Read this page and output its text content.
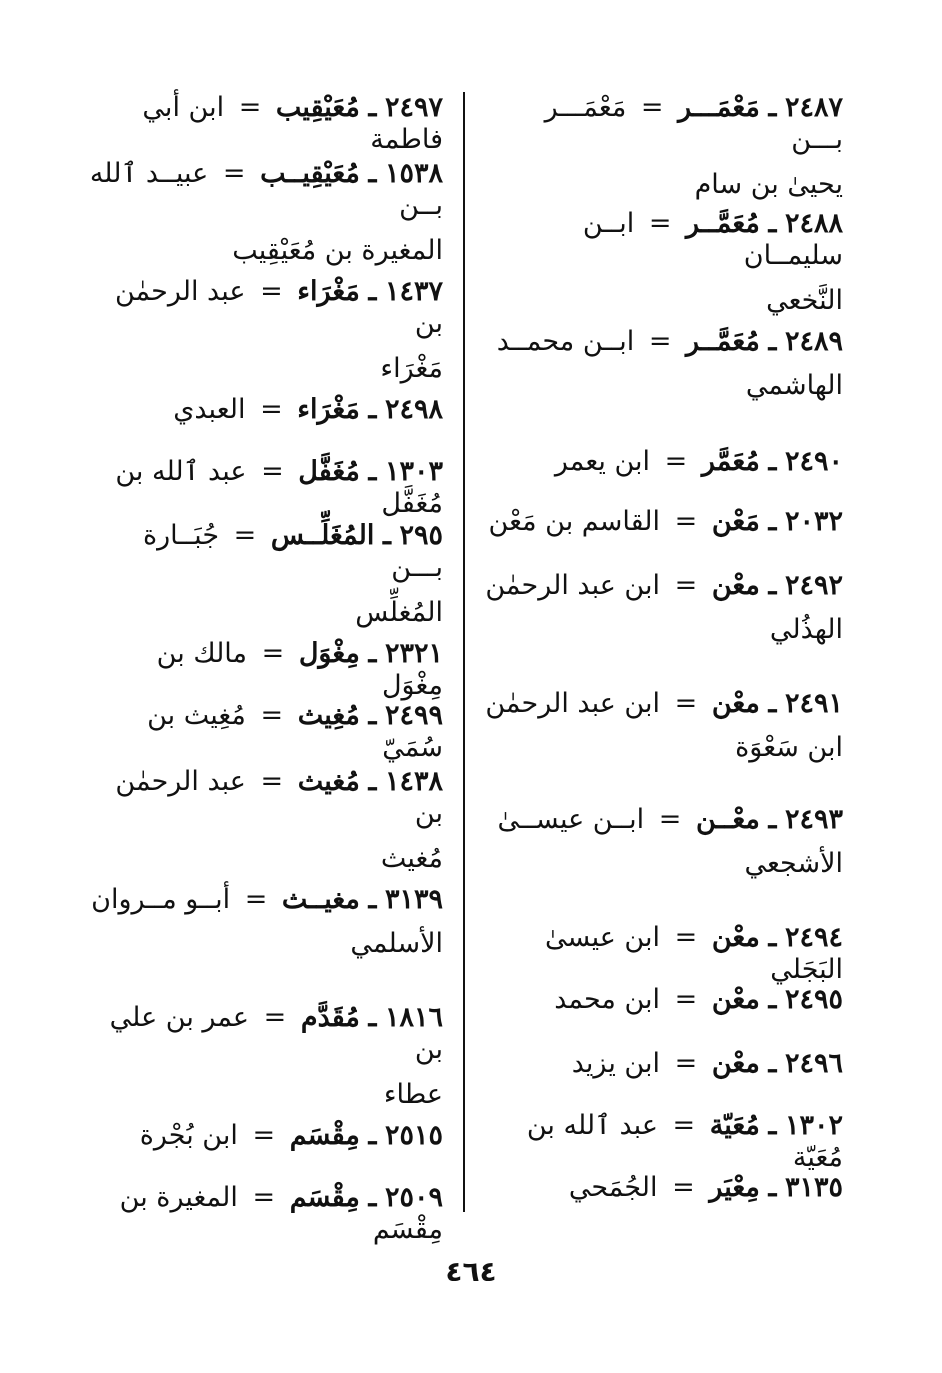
٢٤٨٧ ـ مَعْمَـــر = مَعْمَـــر بـــن
يحيىٰ بن سام
٢٤٨٨ ـ مُعَمَّــر = ابــن سليمــان
النَّخعي
٢٤٨٩ ـ مُعَمَّــر = ابــن محمــد
الهاشمي
٢٤٩٠ ـ مُعَمَّر = ابن يعمر
٢٠٣٢ ـ مَعْن = القاسم بن مَعْن
٢٤٩٢ ـ معْن = ابن عبد الرحمٰن
الهذُلي
٢٤٩١ ـ معْن = ابن عبد الرحمٰن
ابن سَعْوَة
٢٤٩٣ ـ معْــن = ابــن عيســىٰ
الأشجعي
٢٤٩٤ ـ معْن = ابن عيسىٰ البَجَلي
٢٤٩٥ ـ معْن = ابن محمد
٢٤٩٦ ـ معْن = ابن يزيد
١٣٠٢ ـ مُعَيّة = عبد ٱلله بن مُعَيّة
٣١٣٥ ـ مِعْيَر = الجُمَحي
٢٤٩٧ ـ مُعَيْقِيب = ابن أبي فاطمة
١٥٣٨ ـ مُعَيْقِيــب = عبيــد ٱلله بــن
المغيرة بن مُعَيْقِيب
١٤٣٧ ـ مَغْرَاء = عبد الرحمٰن بن
مَغْرَاء
٢٤٩٨ ـ مَغْرَاء = العبدي
١٣٠٣ ـ مُغَفَّل = عبد ٱلله بن مُغَفَّل
٢٩٥ ـ المُغَلِّــس = جُبَــارة بـــن
المُغلِّس
٢٣٢١ ـ مِغْوَل = مالك بن مِغْوَل
٢٤٩٩ ـ مُغِيث = مُغِيث بن سُمَيّ
١٤٣٨ ـ مُغيث = عبد الرحمٰن بن
مُغيث
٣١٣٩ ـ مغيــث = أبــو مــروان
الأسلمي
١٨١٦ ـ مُقَدَّم = عمر بن علي بن
عطاء
٢٥١٥ ـ مِقْسَم = ابن بُجْرة
٢٥٠٩ ـ مِقْسَم = المغيرة بن مِقْسَم
٤٦٤
